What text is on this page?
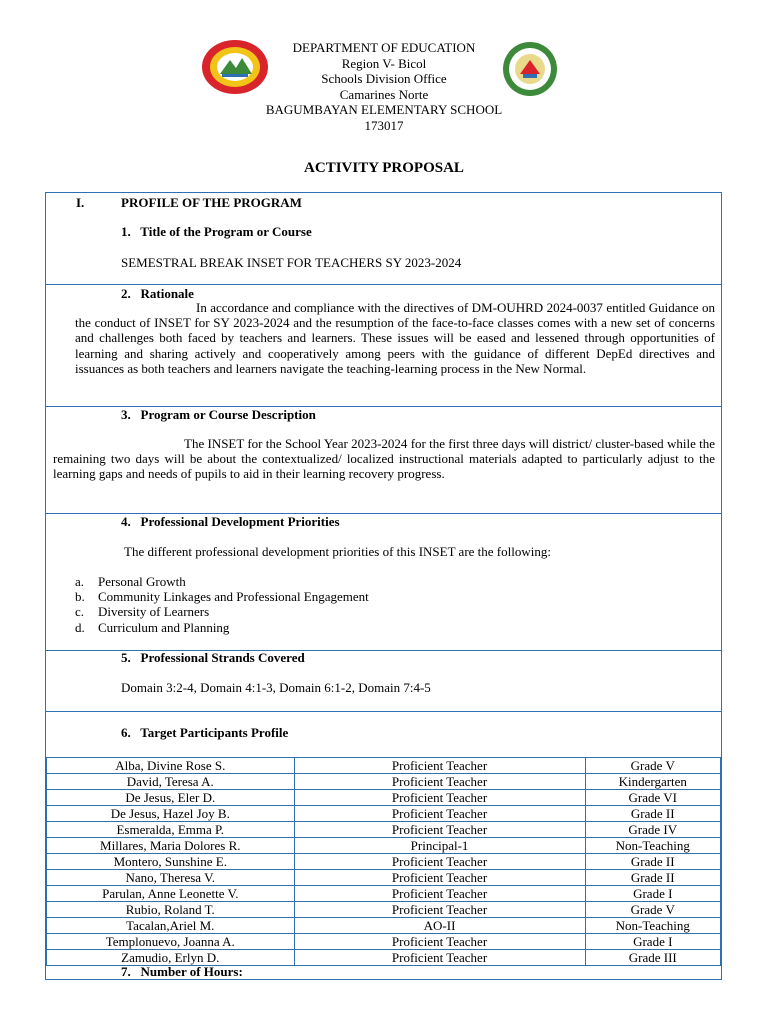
DEPARTMENT OF EDUCATION
Region V- Bicol
Schools Division Office
Camarines Norte
BAGUMBAYAN ELEMENTARY SCHOOL
173017
ACTIVITY PROPOSAL
I.	PROFILE OF THE PROGRAM
1.   Title of the Program or Course
SEMESTRAL BREAK INSET FOR TEACHERS SY 2023-2024
2.   Rationale
In accordance and compliance with the directives of DM-OUHRD 2024-0037 entitled Guidance on the conduct of INSET for SY 2023-2024 and the resumption of the face-to-face classes comes with a new set of concerns and challenges both faced by teachers and learners. These issues will be eased and lessened through opportunities of learning and sharing actively and cooperatively among peers with the guidance of different DepEd directives and issuances as both teachers and learners navigate the teaching-learning process in the New Normal.
3.   Program or Course Description
The INSET for the School Year 2023-2024 for the first three days will district/ cluster-based while the remaining two days will be about the contextualized/ localized instructional materials adapted to particularly adjust to the learning gaps and needs of pupils to aid in their learning recovery progress.
4.   Professional Development Priorities
The different professional development priorities of this INSET are the following:
a. Personal Growth
b. Community Linkages and Professional Engagement
c. Diversity of Learners
d. Curriculum and Planning
5.   Professional Strands Covered
Domain 3:2-4, Domain 4:1-3, Domain 6:1-2, Domain 7:4-5
6.   Target Participants Profile
Alba, Divine Rose S.	Proficient Teacher	Grade V
David, Teresa A.	Proficient Teacher	Kindergarten
De Jesus, Eler D.	Proficient Teacher	Grade VI
De Jesus, Hazel Joy B.	Proficient Teacher	Grade II
Esmeralda, Emma P.	Proficient Teacher	Grade IV
Millares, Maria Dolores R.	Principal-1	Non-Teaching
Montero, Sunshine E.	Proficient Teacher	Grade II
Nano, Theresa V.	Proficient Teacher	Grade II
Parulan, Anne Leonette V.	Proficient Teacher	Grade I
Rubio, Roland T.	Proficient Teacher	Grade V
Tacalan,Ariel M.	AO-II	Non-Teaching
Templonuevo, Joanna A.	Proficient Teacher	Grade I
Zamudio, Erlyn D.	Proficient Teacher	Grade III
7.   Number of Hours:
